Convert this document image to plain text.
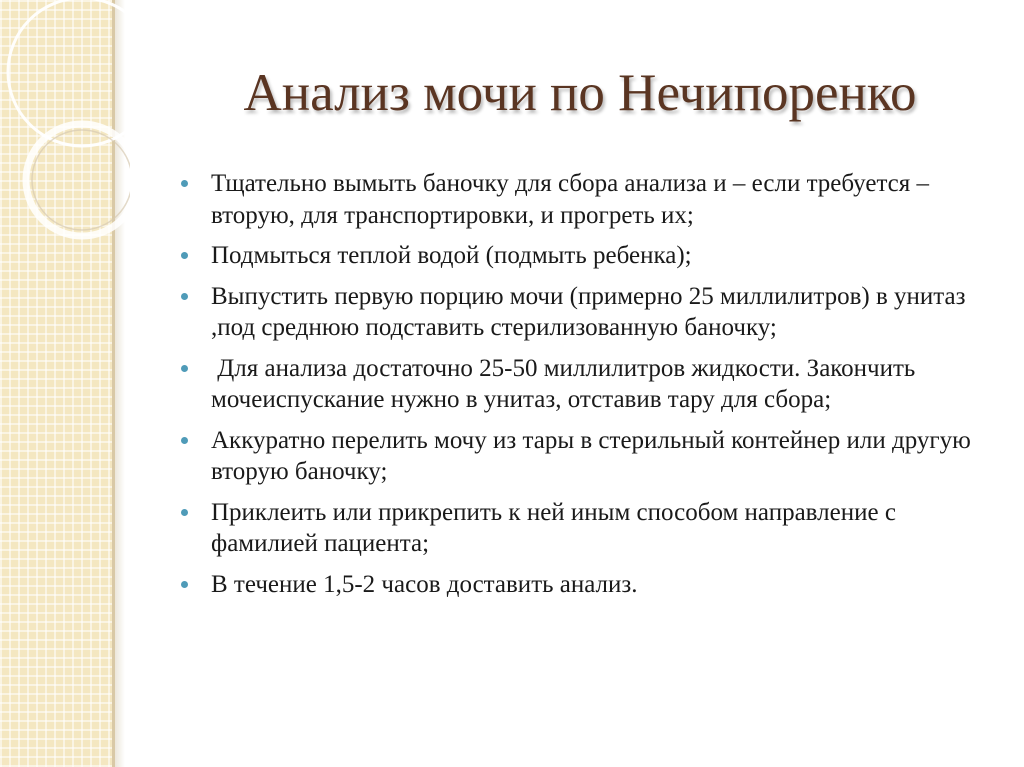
Анализ мочи по Нечипоренко
Тщательно вымыть баночку для сбора анализа и – если требуется – вторую, для транспортировки, и прогреть их;
Подмыться теплой водой (подмыть ребенка);
Выпустить первую порцию мочи (примерно 25 миллилитров) в унитаз ,под среднюю подставить стерилизованную баночку;
Для анализа достаточно 25-50 миллилитров жидкости. Закончить мочеиспускание нужно в унитаз, отставив тару для сбора;
Аккуратно перелить мочу из тары в стерильный контейнер или другую вторую баночку;
Приклеить или прикрепить к ней иным способом направление с фамилией пациента;
В течение 1,5-2 часов доставить анализ.
